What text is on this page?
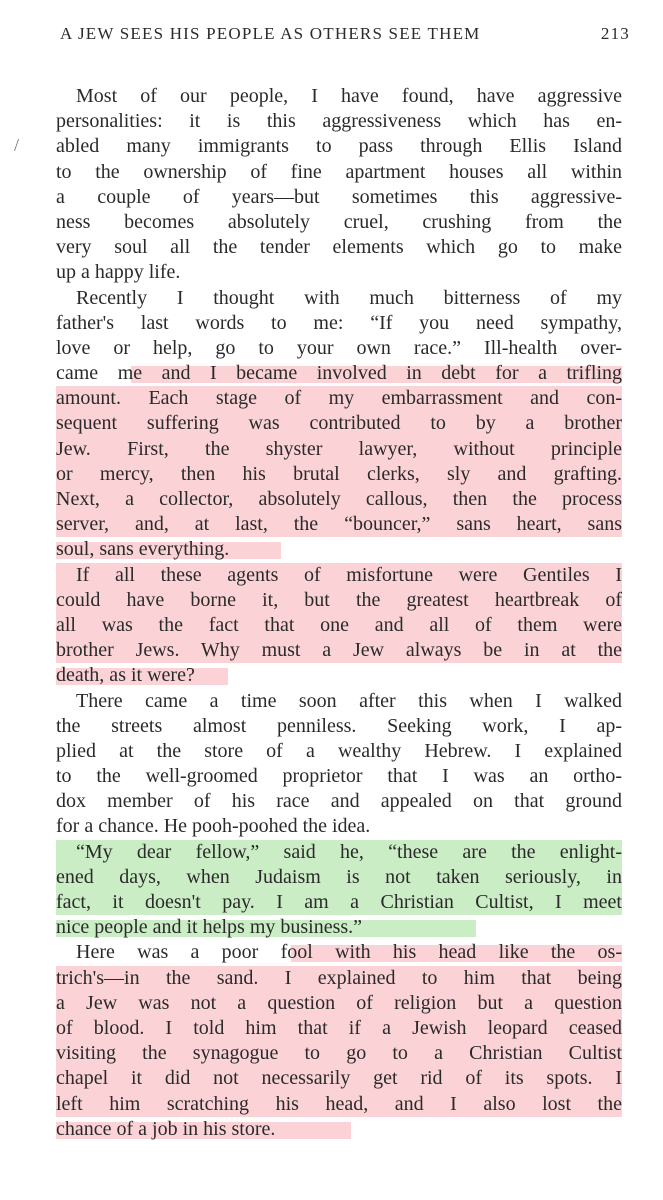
A JEW SEES HIS PEOPLE AS OTHERS SEE THEM	213
/
Most of our people, I have found, have aggressive
personalities: it is this aggressiveness which has en-
abled many immigrants to pass through Ellis Island
to the ownership of fine apartment houses all within
a couple of years—but sometimes this aggressive-
ness becomes absolutely cruel, crushing from the
very soul all the tender elements which go to make
up a happy life.
Recently I thought with much bitterness of my
father's last words to me: “If you need sympathy,
love or help, go to your own race.” Ill-health over-
came me and I became involved in debt for a trifling
amount. Each stage of my embarrassment and con-
sequent suffering was contributed to by a brother
Jew. First, the shyster lawyer, without principle
or mercy, then his brutal clerks, sly and grafting.
Next, a collector, absolutely callous, then the process
server, and, at last, the “bouncer,” sans heart, sans
soul, sans everything.
If all these agents of misfortune were Gentiles I
could have borne it, but the greatest heartbreak of
all was the fact that one and all of them were
brother Jews. Why must a Jew always be in at the
death, as it were?
There came a time soon after this when I walked
the streets almost penniless. Seeking work, I ap-
plied at the store of a wealthy Hebrew. I explained
to the well-groomed proprietor that I was an ortho-
dox member of his race and appealed on that ground
for a chance. He pooh-poohed the idea.
“My dear fellow,” said he, “these are the enlight-
ened days, when Judaism is not taken seriously, in
fact, it doesn't pay. I am a Christian Cultist, I meet
nice people and it helps my business.”
Here was a poor fool with his head like the os-
trich's—in the sand. I explained to him that being
a Jew was not a question of religion but a question
of blood. I told him that if a Jewish leopard ceased
visiting the synagogue to go to a Christian Cultist
chapel it did not necessarily get rid of its spots. I
left him scratching his head, and I also lost the
chance of a job in his store.
